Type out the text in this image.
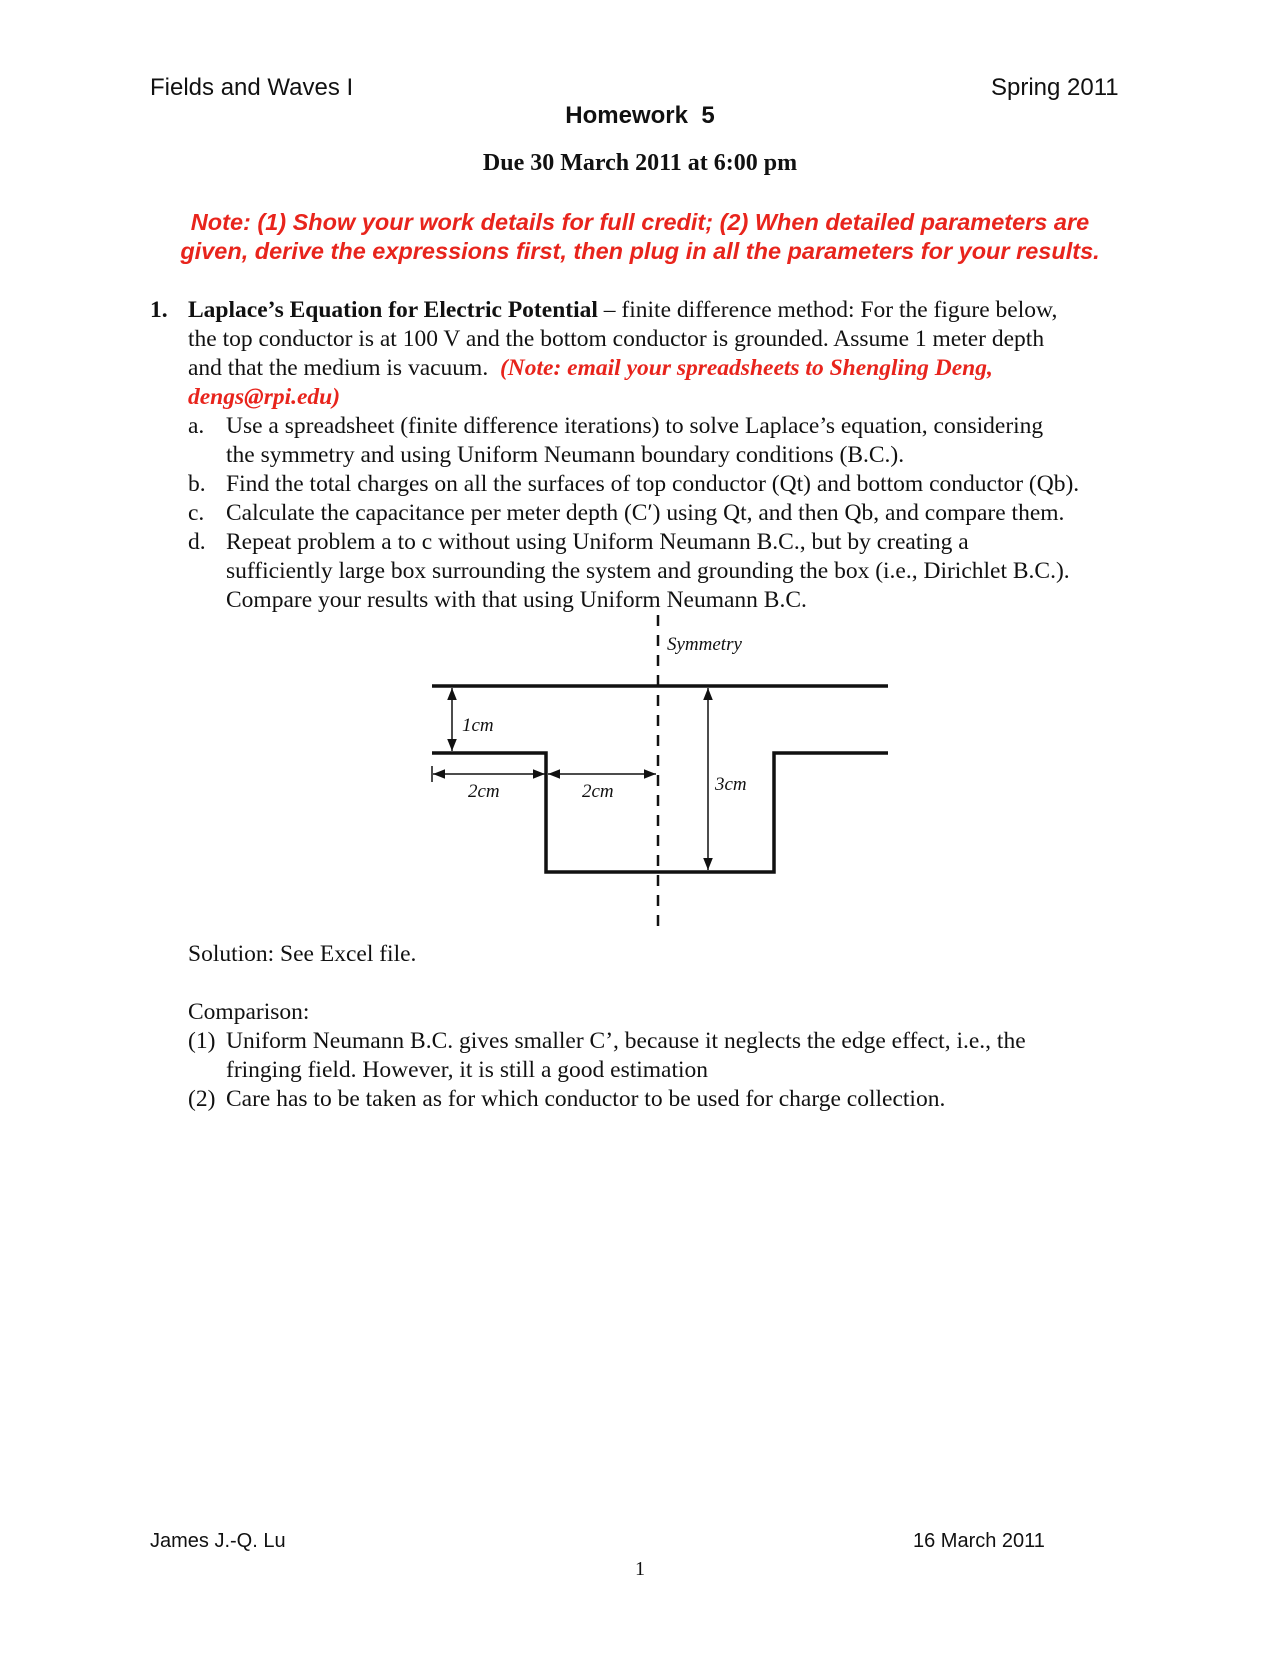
Fields and Waves I	Spring 2011
Homework  5
Due 30 March 2011 at 6:00 pm
Note: (1) Show your work details for full credit; (2) When detailed parameters are
given, derive the expressions first, then plug in all the parameters for your results.
1. Laplace’s Equation for Electric Potential – finite difference method: For the figure below,
the top conductor is at 100 V and the bottom conductor is grounded. Assume 1 meter depth
and that the medium is vacuum. (Note: email your spreadsheets to Shengling Deng,
dengs@rpi.edu)
a. Use a spreadsheet (finite difference iterations) to solve Laplace’s equation, considering
the symmetry and using Uniform Neumann boundary conditions (B.C.).
b. Find the total charges on all the surfaces of top conductor (Qt) and bottom conductor (Qb).
c. Calculate the capacitance per meter depth (C′) using Qt, and then Qb, and compare them.
d. Repeat problem a to c without using Uniform Neumann B.C., but by creating a
sufficiently large box surrounding the system and grounding the box (i.e., Dirichlet B.C.).
Compare your results with that using Uniform Neumann B.C.
Symmetry
1cm
2cm	2cm	3cm
Solution: See Excel file.
Comparison:
(1) Uniform Neumann B.C. gives smaller C’, because it neglects the edge effect, i.e., the
fringing field. However, it is still a good estimation
(2) Care has to be taken as for which conductor to be used for charge collection.
James J.-Q. Lu	16 March 2011
1
